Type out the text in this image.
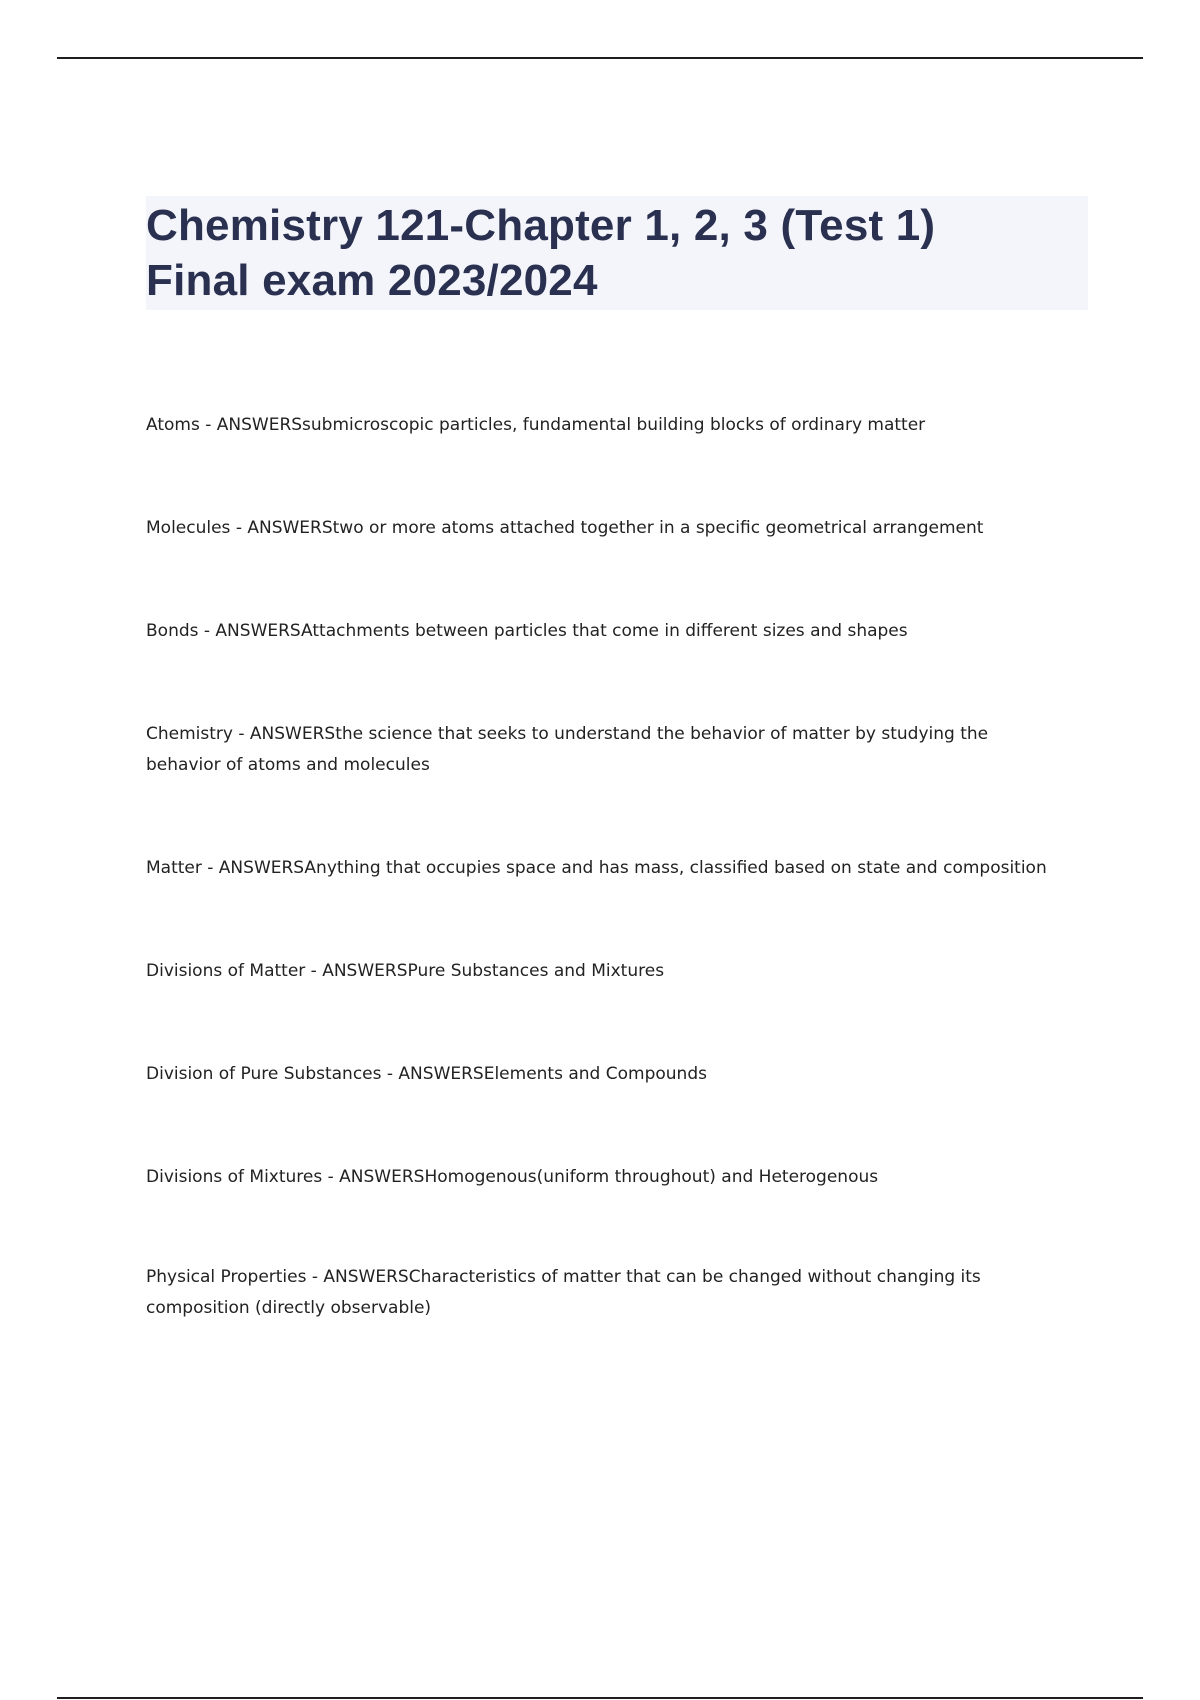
Chemistry 121-Chapter 1, 2, 3 (Test 1)
Final exam 2023/2024
Atoms - ANSWERSsubmicroscopic particles, fundamental building blocks of ordinary matter
Molecules - ANSWERStwo or more atoms attached together in a specific geometrical arrangement
Bonds - ANSWERSAttachments between particles that come in different sizes and shapes
Chemistry - ANSWERSthe science that seeks to understand the behavior of matter by studying the behavior of atoms and molecules
Matter - ANSWERSAnything that occupies space and has mass, classified based on state and composition
Divisions of Matter - ANSWERSPure Substances and Mixtures
Division of Pure Substances - ANSWERSElements and Compounds
Divisions of Mixtures - ANSWERSHomogenous(uniform throughout) and Heterogenous
Physical Properties - ANSWERSCharacteristics of matter that can be changed without changing its composition (directly observable)
